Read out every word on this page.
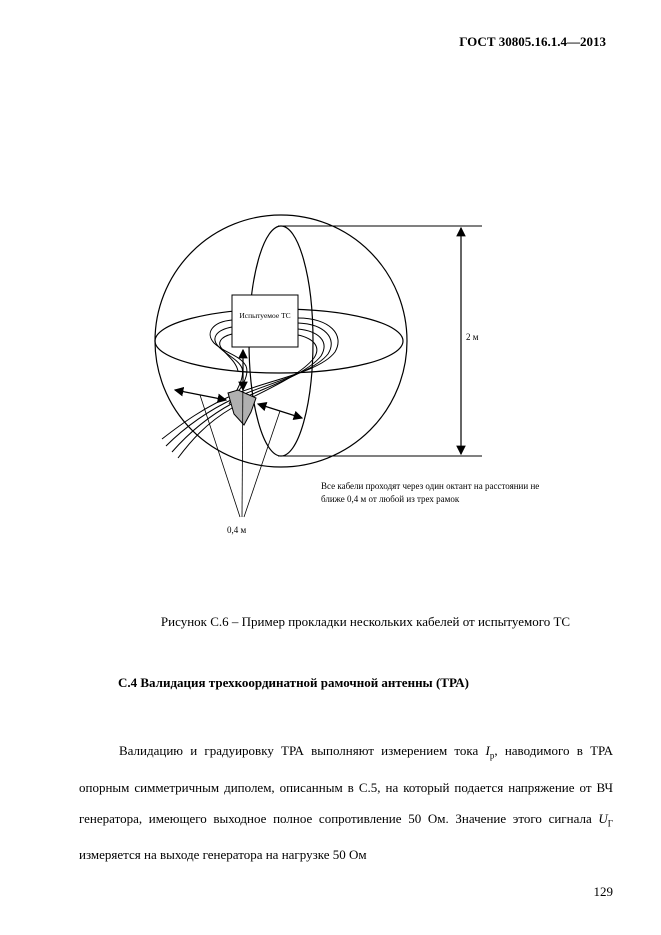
ГОСТ 30805.16.1.4—2013
Испытуемое ТС
2 м
0,4 м
Все кабели проходят через один октант на расстоянии не ближе 0,4 м от любой из трех рамок
Рисунок С.6 – Пример прокладки нескольких кабелей от испытуемого ТС
С.4 Валидация трехкоординатной рамочной антенны (ТРА)
Валидацию и градуировку ТРА выполняют измерением тока $I_p$, наводимого в ТРА опорным симметричным диполем, описанным в С.5, на который подается напряжение от ВЧ генератора, имеющего выходное полное сопротивление 50 Ом. Значение этого сигнала $U_Г$ измеряется на выходе генератора на нагрузке 50 Ом
129
